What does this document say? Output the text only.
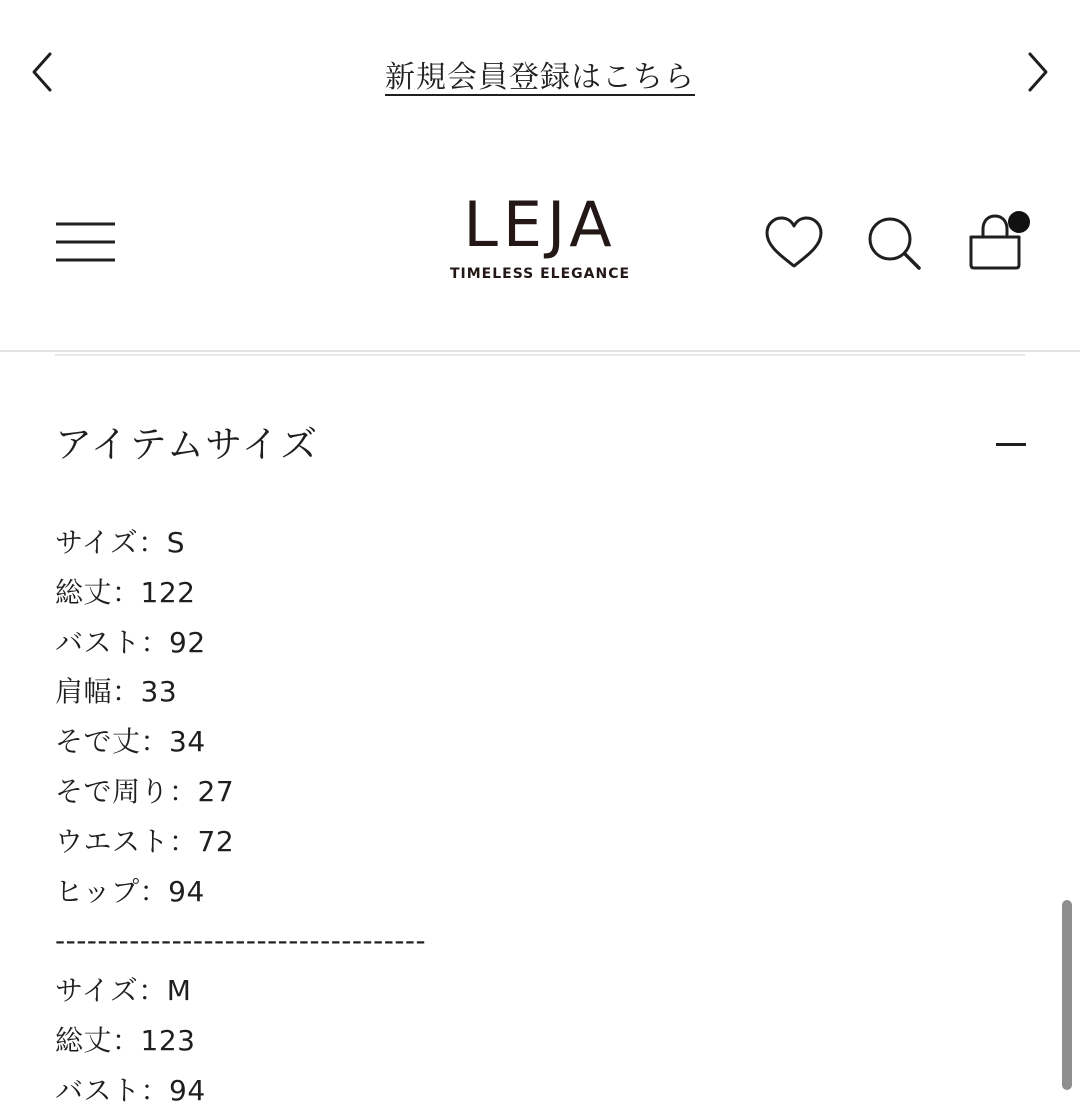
新規会員登録はこちら
LEJA
TIMELESS ELEGANCE
アイテムサイズ
サイズ：S
総丈：122
バスト：92
肩幅：33
そで丈：34
そで周り：27
ウエスト：72
ヒップ：94
-----------------------------------
サイズ：M
総丈：123
バスト：94
